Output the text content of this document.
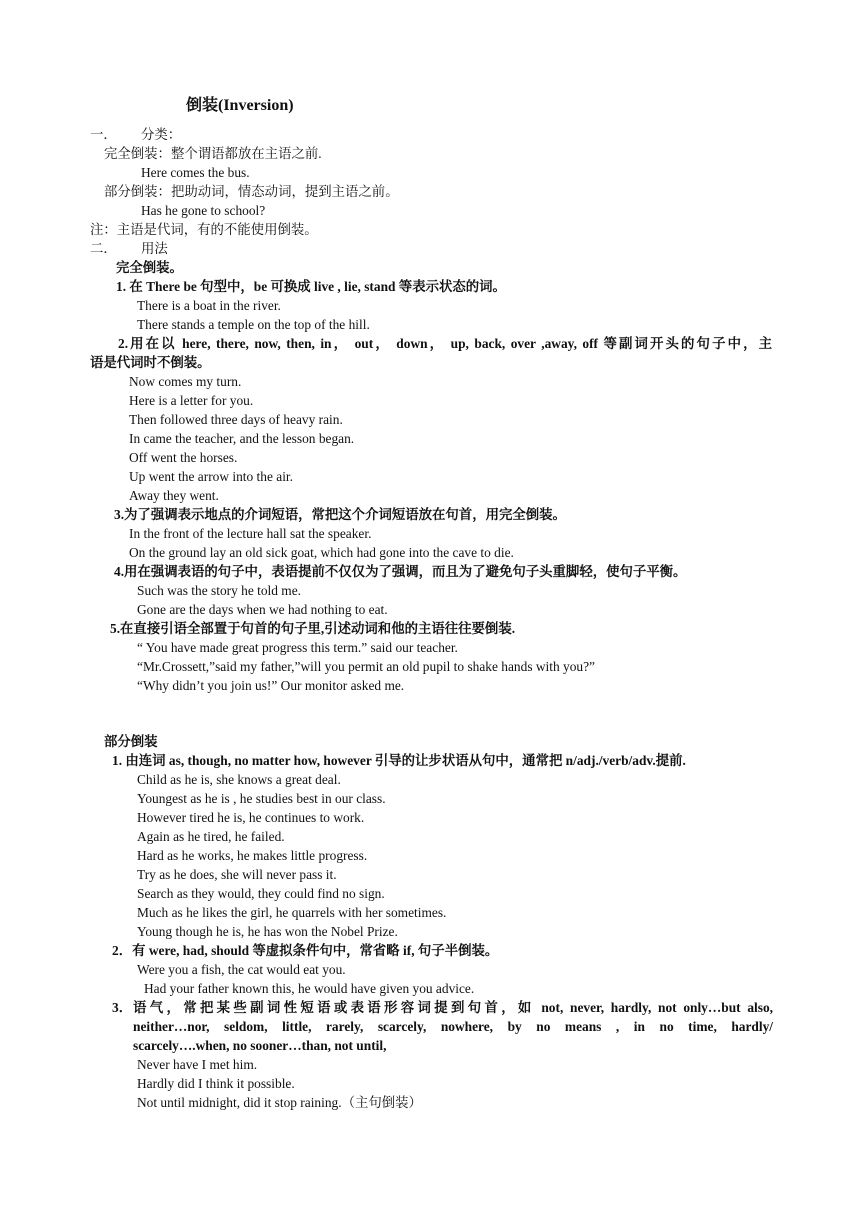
倒装(Inversion)
一． 分类：
完全倒装：整个谓语都放在主语之前.
Here comes the bus.
部分倒装：把助动词，情态动词，提到主语之前。
Has he gone to school?
注：主语是代词，有的不能使用倒装。
二． 用法
完全倒装。
1. 在 There be 句型中，be 可换成 live , lie, stand 等表示状态的词。
There is a boat in the river.
There stands a temple on the top of the hill.
2.用在以 here, there, now, then, in， out， down， up, back, over ,away, off 等副词开头的句子中，主
语是代词时不倒装。
Now comes my turn.
Here is a letter for you.
Then followed three days of heavy rain.
In came the teacher, and the lesson began.
Off went the horses.
Up went the arrow into the air.
Away they went.
3.为了强调表示地点的介词短语，常把这个介词短语放在句首，用完全倒装。
In the front of the lecture hall sat the speaker.
On the ground lay an old sick goat, which had gone into the cave to die.
4.用在强调表语的句子中，表语提前不仅仅为了强调，而且为了避免句子头重脚轻，使句子平衡。
Such was the story he told me.
Gone are the days when we had nothing to eat.
5.在直接引语全部置于句首的句子里,引述动词和他的主语往往要倒装.
“ You have made great progress this term.” said our teacher.
“Mr.Crossett,”said my father,”will you permit an old pupil to shake hands with you?”
“Why didn’t you join us!” Our monitor asked me.
部分倒装
1. 由连词 as, though, no matter how, however 引导的让步状语从句中，通常把 n/adj./verb/adv.提前.
Child as he is, she knows a great deal.
Youngest as he is , he studies best in our class.
However tired he is, he continues to work.
Again as he tired, he failed.
Hard as he works, he makes little progress.
Try as he does, she will never pass it.
Search as they would, they could find no sign.
Much as he likes the girl, he quarrels with her sometimes.
Young though he is, he has won the Nobel Prize.
2．有 were, had, should 等虚拟条件句中，常省略 if, 句子半倒装。
Were you a fish, the cat would eat you.
Had your father known this, he would have given you advice.
3． 语气，常把某些副词性短语或表语形容词提到句首，如 not, never, hardly, not only…but also,
neither…nor, seldom, little, rarely, scarcely, nowhere, by no means , in no time, hardly/
scarcely….when, no sooner…than, not until,
Never have I met him.
Hardly did I think it possible.
Not until midnight, did it stop raining.（主句倒装）
